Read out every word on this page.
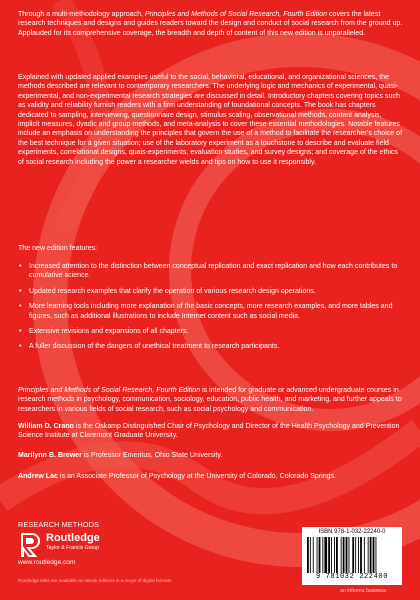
Through a multi-methodology approach, Principles and Methods of Social Research, Fourth Edition covers the latest research techniques and designs and guides readers toward the design and conduct of social research from the ground up. Applauded for its comprehensive coverage, the breadth and depth of content of this new edition is unparalleled.

Explained with updated applied examples useful to the social, behavioral, educational, and organizational sciences, the methods described are relevant to contemporary researchers. The underlying logic and mechanics of experimental, quasi-experimental, and non-experimental research strategies are discussed in detail. Introductory chapters covering topics such as validity and reliability furnish readers with a firm understanding of foundational concepts. The book has chapters dedicated to sampling, interviewing, questionnaire design, stimulus scaling, observational methods, content analysis, implicit measures, dyadic and group methods, and meta-analysis to cover these essential methodologies. Notable features include an emphasis on understanding the principles that govern the use of a method to facilitate the researcher’s choice of the best technique for a given situation; use of the laboratory experiment as a touchstone to describe and evaluate field experiments, correlational designs, quais-experiments, evaluation studies, and survey designs; and coverage of the ethics of social research including the power a researcher wields and tips on how to use it responsibly.

The new edition features:

• Increased attention to the distinction between conceptual replication and exact replication and how each contributes to cumulative science.
• Updated research examples that clarify the operation of various research design operations.
• More learning tools including more explanation of the basic concepts, more research examples, and more tables and figures, such as additional illustrations to include Internet content such as social media.
• Extensive revisions and expansions of all chapters.
• A fuller discussion of the dangers of unethical treatment to research participants.

Principles and Methods of Social Research, Fourth Edition is intended for graduate or advanced undergraduate courses in research methods in psychology, communication, sociology, education, public health, and marketing, and further appeals to researchers in various fields of social research, such as social psychology and communication.

William D. Crano is the Oskamp Distinguished Chair of Psychology and Director of the Health Psychology and Prevention Science Institute at Claremont Graduate University.

Marilynn B. Brewer is Professor Emeritus, Ohio State University.

Andrew Lac is an Associate Professor of Psychology at the University of Colorado, Colorado Springs.

RESEARCH METHODS
Routledge
Taylor & Francis Group
www.routledge.com
Routledge titles are available as eBook editions in a range of digital formats
ISBN 978-1-032-22240-0
9 781032 222400
an informa business
